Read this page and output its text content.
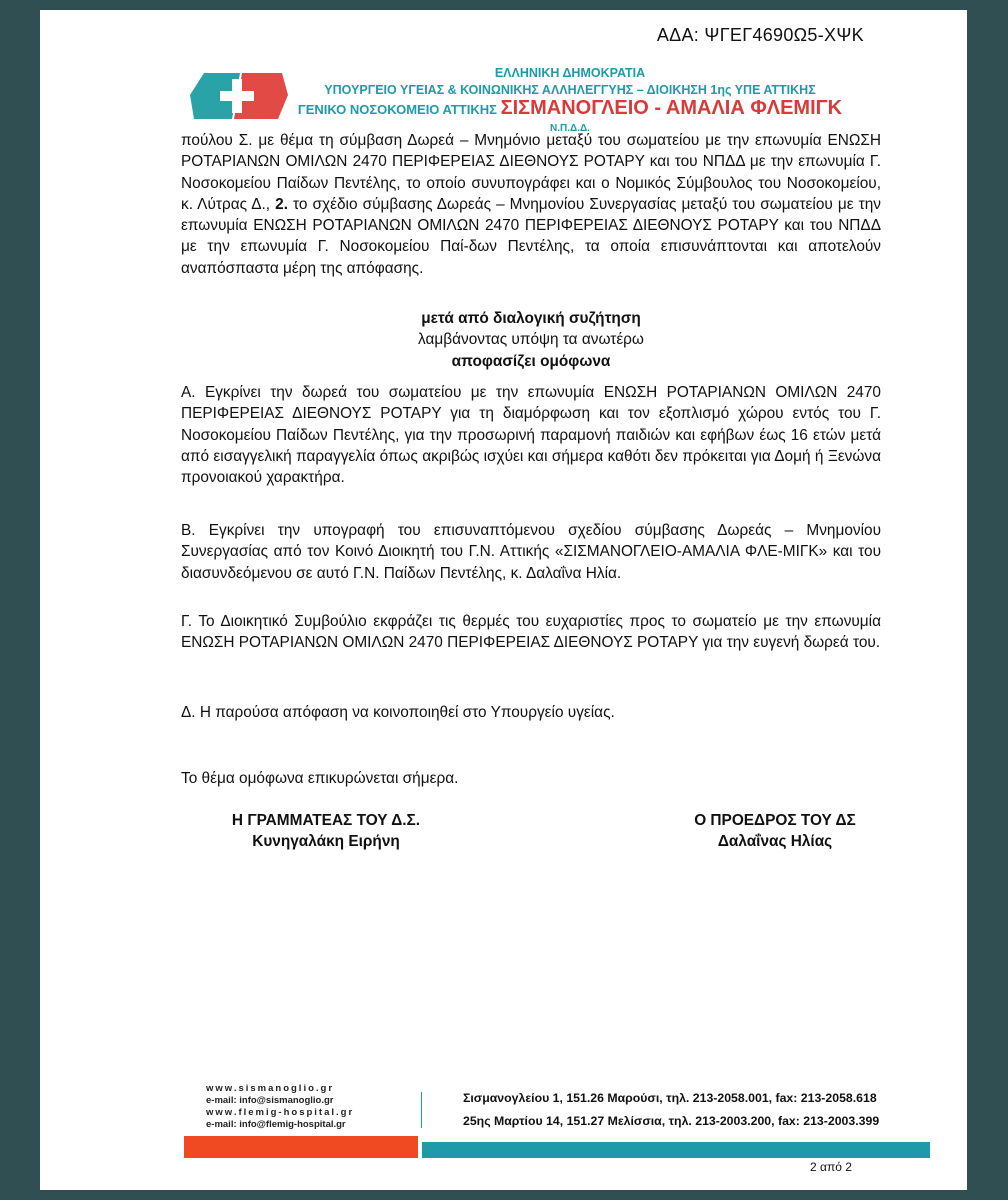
ΑΔΑ: ΨΓΕΓ4690Ω5-ΧΨΚ
ΕΛΛΗΝΙΚΗ ΔΗΜΟΚΡΑΤΙΑ
ΥΠΟΥΡΓΕΙΟ ΥΓΕΙΑΣ & ΚΟΙΝΩΝΙΚΗΣ ΑΛΛΗΛΕΓΓΥΗΣ – ΔΙΟΙΚΗΣΗ 1ης ΥΠΕ ΑΤΤΙΚΗΣ
ΓΕΝΙΚΟ ΝΟΣΟΚΟΜΕΙΟ ΑΤΤΙΚΗΣ ΣΙΣΜΑΝΟΓΛΕΙΟ - ΑΜΑΛΙΑ ΦΛΕΜΙΓΚ Ν.Π.Δ.Δ.
πούλου Σ. με θέμα τη σύμβαση Δωρεά – Μνημόνιο μεταξύ του σωματείου με την επωνυμία ΕΝΩΣΗ ΡΟΤΑΡΙΑΝΩΝ ΟΜΙΛΩΝ 2470 ΠΕΡΙΦΕΡΕΙΑΣ ΔΙΕΘΝΟΥΣ ΡΟΤΑΡΥ και του ΝΠΔΔ με την επωνυμία Γ. Νοσοκομείου Παίδων Πεντέλης, το οποίο συνυπογράφει και ο Νομικός Σύμβουλος του Νοσοκομείου, κ. Λύτρας Δ., 2. το σχέδιο σύμβασης Δωρεάς – Μνημονίου Συνεργασίας μεταξύ του σωματείου με την επωνυμία ΕΝΩΣΗ ΡΟΤΑΡΙΑΝΩΝ ΟΜΙΛΩΝ 2470 ΠΕΡΙΦΕΡΕΙΑΣ ΔΙΕΘΝΟΥΣ ΡΟΤΑΡΥ και του ΝΠΔΔ με την επωνυμία Γ. Νοσοκομείου Παί-δων Πεντέλης, τα οποία επισυνάπτονται και αποτελούν αναπόσπαστα μέρη της απόφασης.
μετά από διαλογική συζήτηση
λαμβάνοντας υπόψη τα ανωτέρω
αποφασίζει ομόφωνα
Α. Εγκρίνει την δωρεά του σωματείου με την επωνυμία ΕΝΩΣΗ ΡΟΤΑΡΙΑΝΩΝ ΟΜΙΛΩΝ 2470 ΠΕΡΙΦΕΡΕΙΑΣ ΔΙΕΘΝΟΥΣ ΡΟΤΑΡΥ για τη διαμόρφωση και τον εξοπλισμό χώρου εντός του Γ. Νοσοκομείου Παίδων Πεντέλης, για την προσωρινή παραμονή παιδιών και εφήβων έως 16 ετών μετά από εισαγγελική παραγγελία όπως ακριβώς ισχύει και σήμερα καθότι δεν πρόκειται για Δομή ή Ξενώνα προνοιακού χαρακτήρα.
Β. Εγκρίνει την υπογραφή του επισυναπτόμενου σχεδίου σύμβασης Δωρεάς – Μνημονίου Συνεργασίας από τον Κοινό Διοικητή του Γ.Ν. Αττικής «ΣΙΣΜΑΝΟΓΛΕΙΟ-ΑΜΑΛΙΑ ΦΛΕ-ΜΙΓΚ» και του διασυνδεόμενου σε αυτό Γ.Ν. Παίδων Πεντέλης, κ. Δαλαΐνα Ηλία.
Γ. Το Διοικητικό Συμβούλιο εκφράζει τις θερμές του ευχαριστίες προς το σωματείο με την επωνυμία ΕΝΩΣΗ ΡΟΤΑΡΙΑΝΩΝ ΟΜΙΛΩΝ 2470 ΠΕΡΙΦΕΡΕΙΑΣ ΔΙΕΘΝΟΥΣ ΡΟΤΑΡΥ για την ευγενή δωρεά του.
Δ. Η παρούσα απόφαση να κοινοποιηθεί στο Υπουργείο υγείας.
Το θέμα ομόφωνα επικυρώνεται σήμερα.
Η ΓΡΑΜΜΑΤΕΑΣ ΤΟΥ Δ.Σ.
Κυνηγαλάκη Ειρήνη
Ο ΠΡΟΕΔΡΟΣ ΤΟΥ ΔΣ
Δαλαΐνας Ηλίας
www.sismanoglio.gr
e-mail: info@sismanoglio.gr
www.flemig-hospital.gr
e-mail: info@flemig-hospital.gr
Σισμανογλείου 1, 151.26 Μαρούσι, τηλ. 213-2058.001, fax: 213-2058.618
25ης Μαρτίου 14, 151.27 Μελίσσια, τηλ. 213-2003.200, fax: 213-2003.399
2 από 2
